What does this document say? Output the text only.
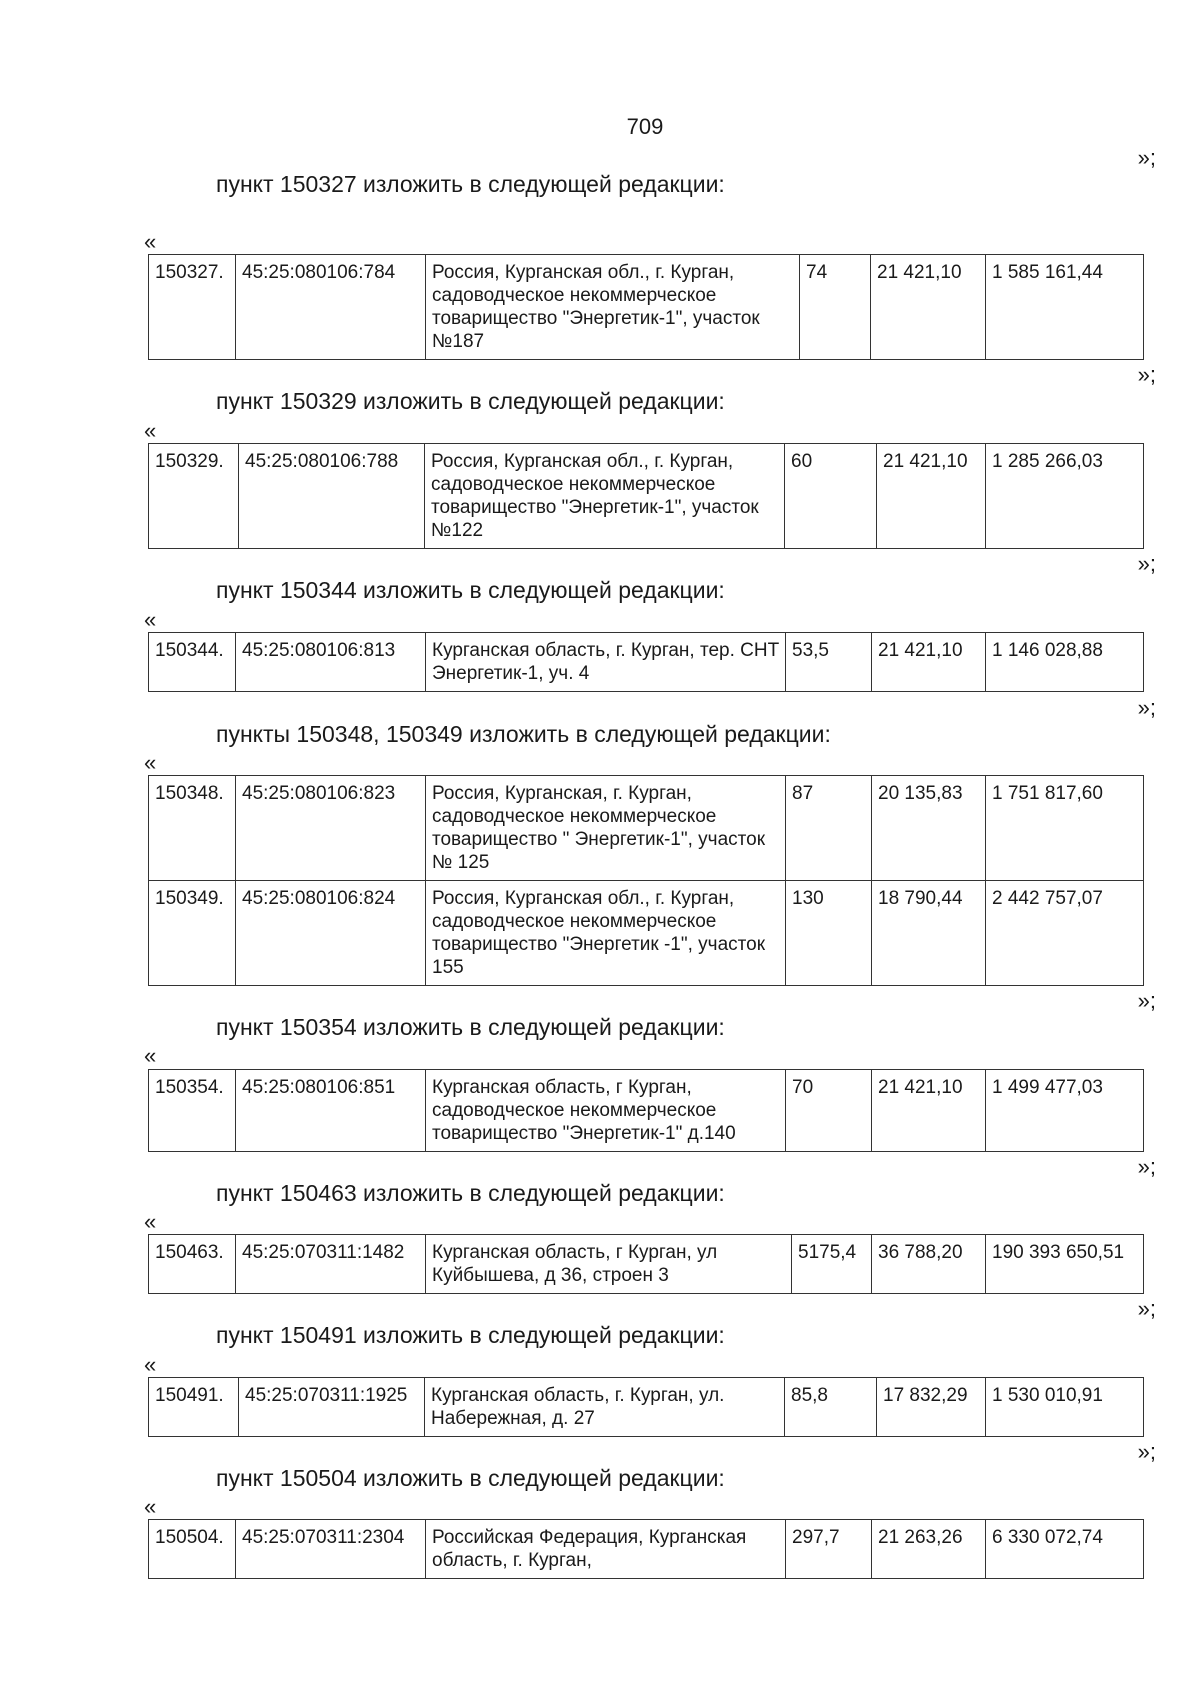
709
»;
пункт 150327 изложить в следующей редакции:
«
150327.	45:25:080106:784	Россия, Курганская обл., г. Курган, садоводческое некоммерческое товарищество "Энергетик-1", участок №187	74	21 421,10	1 585 161,44
»;
пункт 150329 изложить в следующей редакции:
«
150329.	45:25:080106:788	Россия, Курганская обл., г. Курган, садоводческое некоммерческое товарищество "Энергетик-1", участок №122	60	21 421,10	1 285 266,03
»;
пункт 150344 изложить в следующей редакции:
«
150344.	45:25:080106:813	Курганская область, г. Курган, тер. СНТ Энергетик-1, уч. 4	53,5	21 421,10	1 146 028,88
»;
пункты 150348, 150349 изложить в следующей редакции:
«
150348.	45:25:080106:823	Россия, Курганская, г. Курган, садоводческое некоммерческое товарищество " Энергетик-1", участок № 125	87	20 135,83	1 751 817,60
150349.	45:25:080106:824	Россия, Курганская обл., г. Курган, садоводческое некоммерческое товарищество "Энергетик -1", участок 155	130	18 790,44	2 442 757,07
»;
пункт 150354 изложить в следующей редакции:
«
150354.	45:25:080106:851	Курганская область, г Курган, садоводческое некоммерческое товарищество "Энергетик-1" д.140	70	21 421,10	1 499 477,03
»;
пункт 150463 изложить в следующей редакции:
«
150463.	45:25:070311:1482	Курганская область, г Курган, ул Куйбышева, д 36, строен 3	5175,4	36 788,20	190 393 650,51
»;
пункт 150491 изложить в следующей редакции:
«
150491.	45:25:070311:1925	Курганская область, г. Курган, ул. Набережная, д. 27	85,8	17 832,29	1 530 010,91
»;
пункт 150504 изложить в следующей редакции:
«
150504.	45:25:070311:2304	Российская Федерация, Курганская область, г. Курган,	297,7	21 263,26	6 330 072,74
